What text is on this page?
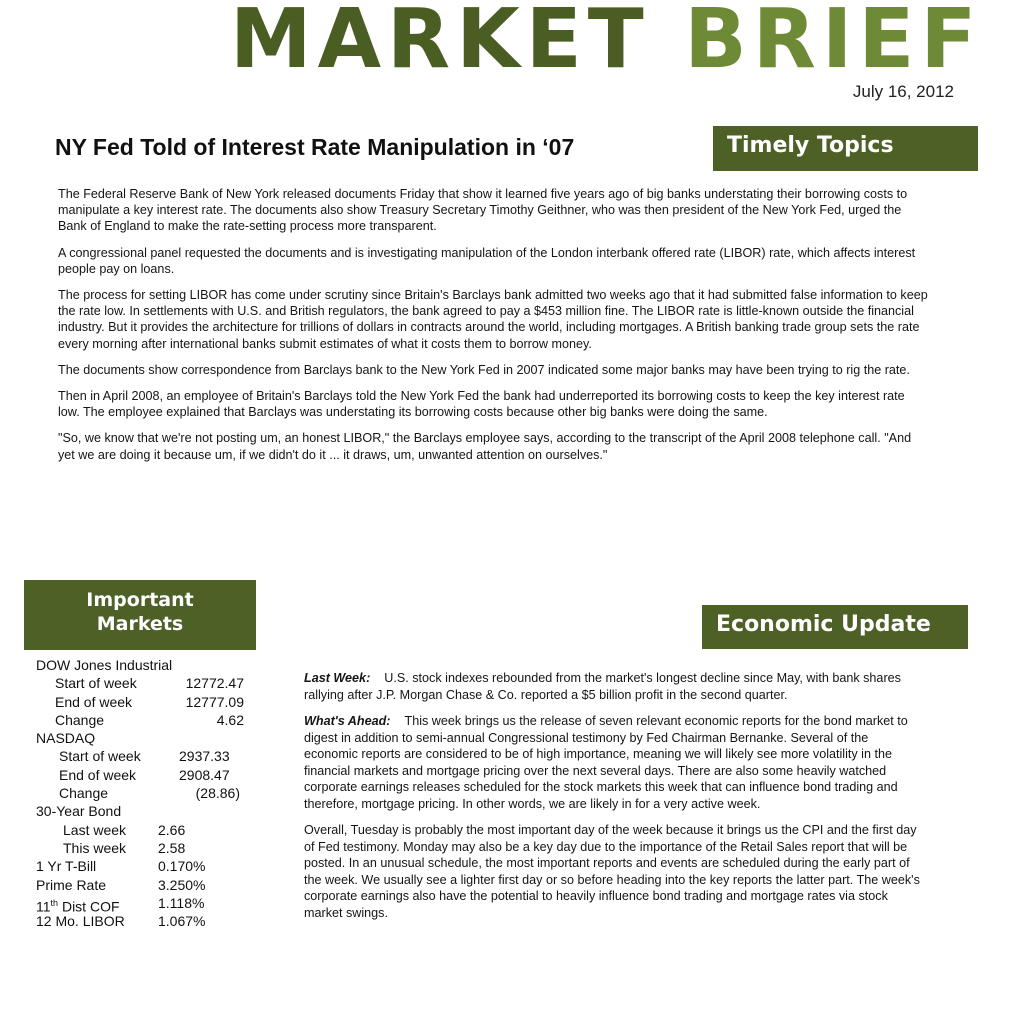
MARKET BRIEF
July 16, 2012
NY Fed Told of Interest Rate Manipulation in ‘07	Timely Topics

The Federal Reserve Bank of New York released documents Friday that show it learned five years ago of big banks understating their borrowing costs to manipulate a key interest rate. The documents also show Treasury Secretary Timothy Geithner, who was then president of the New York Fed, urged the Bank of England to make the rate-setting process more transparent.

A congressional panel requested the documents and is investigating manipulation of the London interbank offered rate (LIBOR) rate, which affects interest people pay on loans.

The process for setting LIBOR has come under scrutiny since Britain's Barclays bank admitted two weeks ago that it had submitted false information to keep the rate low. In settlements with U.S. and British regulators, the bank agreed to pay a $453 million fine. The LIBOR rate is little-known outside the financial industry. But it provides the architecture for trillions of dollars in contracts around the world, including mortgages. A British banking trade group sets the rate every morning after international banks submit estimates of what it costs them to borrow money.

The documents show correspondence from Barclays bank to the New York Fed in 2007 indicated some major banks may have been trying to rig the rate.

Then in April 2008, an employee of Britain's Barclays told the New York Fed the bank had underreported its borrowing costs to keep the key interest rate low. The employee explained that Barclays was understating its borrowing costs because other big banks were doing the same.

"So, we know that we're not posting um, an honest LIBOR," the Barclays employee says, according to the transcript of the April 2008 telephone call. "And yet we are doing it because um, if we didn't do it ... it draws, um, unwanted attention on ourselves."

Important
Markets
DOW Jones Industrial
Start of week	12772.47
End of week	12777.09
Change	4.62
NASDAQ
Start of week	2937.33
End of week	2908.47
Change	(28.86)
30-Year Bond
Last week 2.66
This week 2.58
1 Yr T-Bill	0.170%
Prime Rate	3.250%
11th Dist COF	1.118%
12 Mo. LIBOR 1.067%
Economic Update

Last Week: U.S. stock indexes rebounded from the market's longest decline since May, with bank shares rallying after J.P. Morgan Chase & Co. reported a $5 billion profit in the second quarter.

What's Ahead: This week brings us the release of seven relevant economic reports for the bond market to digest in addition to semi-annual Congressional testimony by Fed Chairman Bernanke. Several of the economic reports are considered to be of high importance, meaning we will likely see more volatility in the financial markets and mortgage pricing over the next several days. There are also some heavily watched corporate earnings releases scheduled for the stock markets this week that can influence bond trading and therefore, mortgage pricing. In other words, we are likely in for a very active week.

Overall, Tuesday is probably the most important day of the week because it brings us the CPI and the first day of Fed testimony. Monday may also be a key day due to the importance of the Retail Sales report that will be posted. In an unusual schedule, the most important reports and events are scheduled during the early part of the week. We usually see a lighter first day or so before heading into the key reports the latter part. The week's corporate earnings also have the potential to heavily influence bond trading and mortgage rates via stock market swings.
